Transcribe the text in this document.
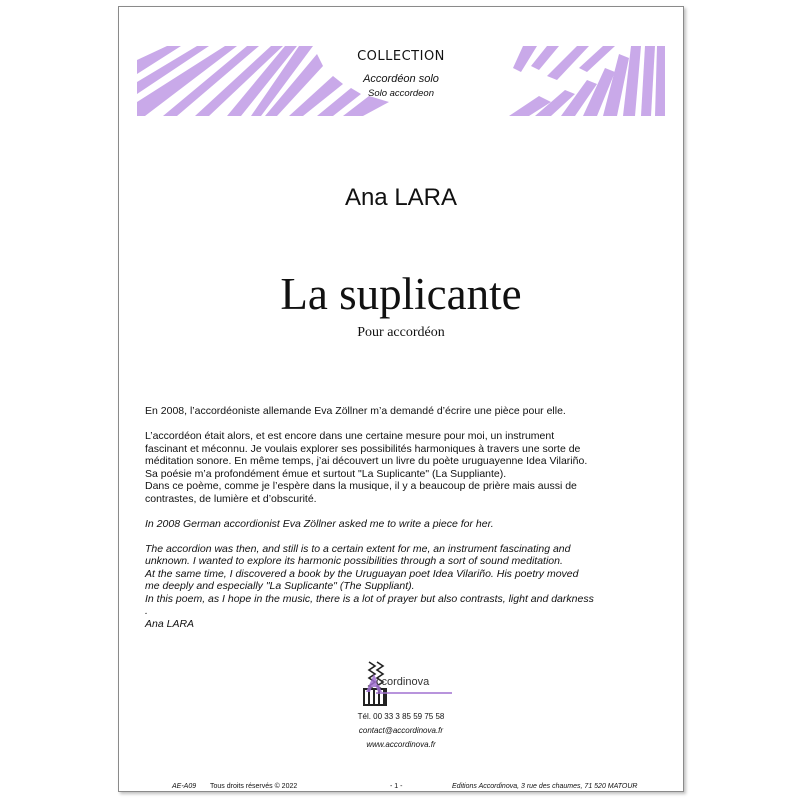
COLLECTION
Accordéon solo
Solo accordeon
Ana LARA
La suplicante
Pour accordéon

En 2008, l’accordéoniste allemande Eva Zöllner m’a demandé d’écrire une pièce pour elle.

L’accordéon était alors, et est encore dans une certaine mesure pour moi, un instrument

fascinant et méconnu. Je voulais explorer ses possibilités harmoniques à travers une sorte de

méditation sonore. En même temps, j’ai découvert un livre du poète uruguayenne Idea Vilariño.

Sa poésie m’a profondément émue et surtout "La Suplicante" (La Suppliante).

Dans ce poème, comme je l’espère dans la musique, il y a beaucoup de prière mais aussi de

contrastes, de lumière et d’obscurité.

In 2008 German accordionist Eva Zöllner asked me to write a piece for her.

The accordion was then, and still is to a certain extent for me, an instrument fascinating and

unknown. I wanted to explore its harmonic possibilities through a sort of sound meditation.

At the same time, I discovered a book by the Uruguayan poet Idea Vilariño. His poetry moved

me deeply and especially "La Suplicante" (The Suppliant).

In this poem, as I hope in the music, there is a lot of prayer but also contrasts, light and darkness

.

Ana LARA

ccordinova
Tél. 00 33 3 85 59 75 58
contact@accordinova.fr
www.accordinova.fr
AE-A09 Tous droits réservés © 2022	- 1 -	Editions Accordinova, 3 rue des chaumes, 71 520 MATOUR
